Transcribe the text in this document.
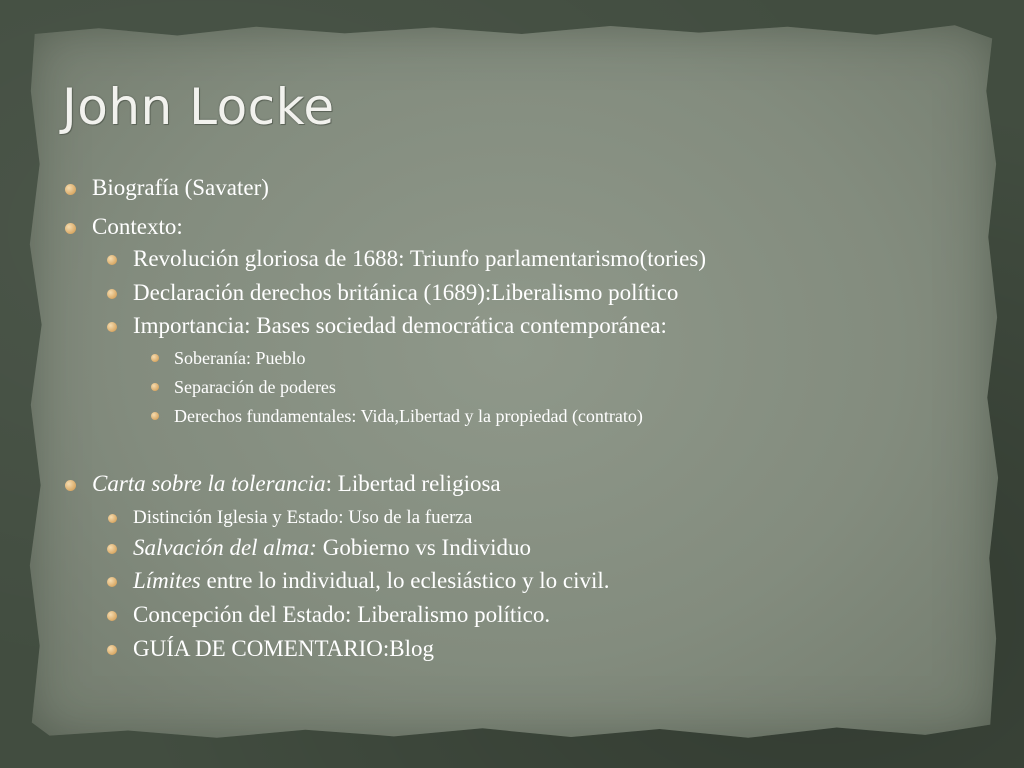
John Locke
Biografía (Savater)
Contexto:
Revolución gloriosa de 1688: Triunfo parlamentarismo(tories)
Declaración derechos británica (1689):Liberalismo político
Importancia: Bases sociedad democrática contemporánea:
Soberanía: Pueblo
Separación de poderes
Derechos fundamentales: Vida,Libertad y la propiedad (contrato)
Carta sobre la tolerancia: Libertad religiosa
Distinción Iglesia y Estado: Uso de la fuerza
Salvación del alma: Gobierno vs Individuo
Límites entre lo individual, lo eclesiástico y lo civil.
Concepción del Estado: Liberalismo político.
GUÍA DE COMENTARIO:Blog
